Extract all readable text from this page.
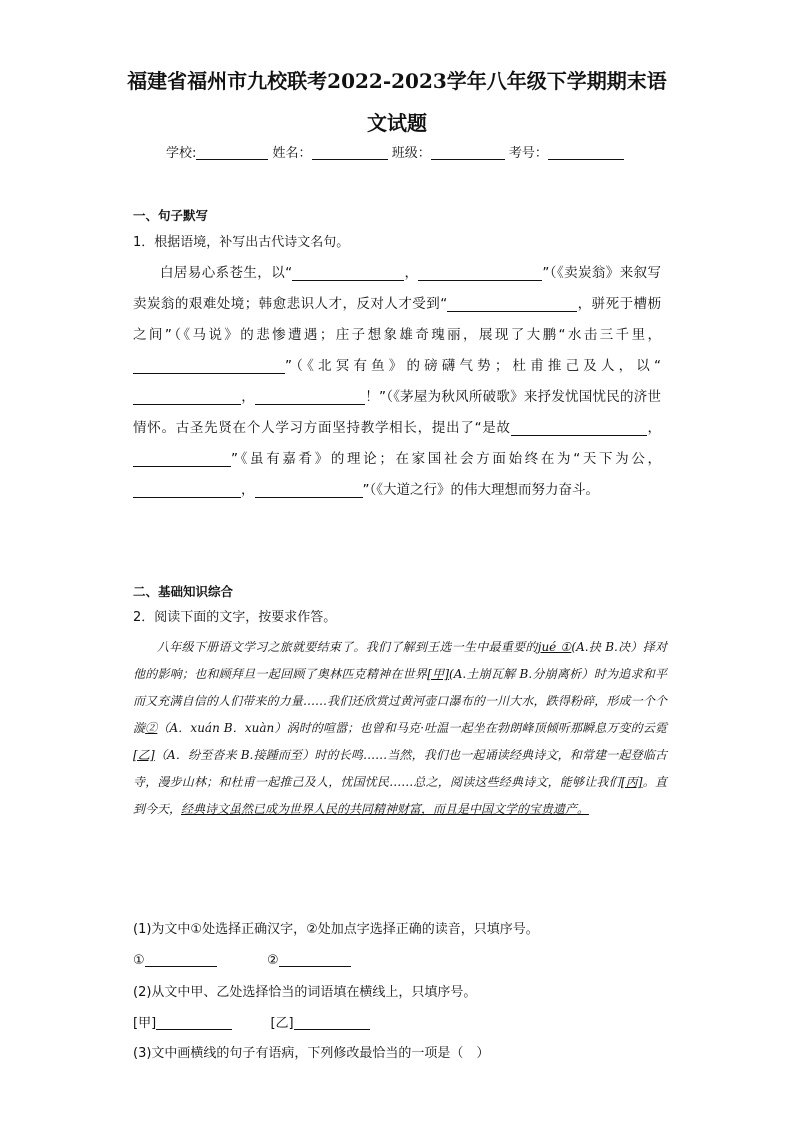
福建省福州市九校联考2022-2023学年八年级下学期期末语
文试题
学校:	姓名：	班级：	考号：
一、句子默写
1．根据语境，补写出古代诗文名句。
白居易心系苍生，以“	，	”（《卖炭翁》来叙写卖炭翁的艰难处境；韩愈悲识人才，反对人才受到“	，骈死于槽枥之间”（《马说》的悲惨遭遇；庄子想象雄奇瑰丽，展现了大鹏“水击三千里，”（《北冥有鱼》的磅礴气势；杜甫推己及人，以“，	！”（《茅屋为秋风所破歌》来抒发忧国忧民的济世情怀。古圣先贤在个人学习方面坚持教学相长，提出了“是故	，”《虽有嘉肴》的理论；在家国社会方面始终在为“天下为公，，	”（《大道之行》的伟大理想而努力奋斗。
二、基础知识综合
2．阅读下面的文字，按要求作答。
八年级下册语文学习之旅就要结束了。我们了解到王选一生中最重要的jué ①(A.抉 B.决）择对他的影响；也和顾拜旦一起回顾了奥林匹克精神在世界[甲](A.土崩瓦解 B.分崩离析）时为追求和平而又充满自信的人们带来的力量……我们还欣赏过黄河壶口瀑布的一川大水，跌得粉碎，形成一个个漩②（A．xuán B．xuàn）涡时的喧嚣；也曾和马克·吐温一起坐在勃朗峰顶倾听那瞬息万变的云霓[乙]（A．纷至沓来 B.接踵而至）时的长鸣……当然，我们也一起诵读经典诗文，和常建一起登临古寺，漫步山林；和杜甫一起推己及人，忧国忧民……总之，阅读这些经典诗文，能够让我们[丙]。直到今天，经典诗文虽然已成为世界人民的共同精神财富，而且是中国文学的宝贵遗产。
(1)为文中①处选择正确汉字，②处加点字选择正确的读音，只填序号。
①	②
(2)从文中甲、乙处选择恰当的词语填在横线上，只填序号。
[甲]	[乙]
(3)文中画横线的句子有语病，下列修改最恰当的一项是（　）
